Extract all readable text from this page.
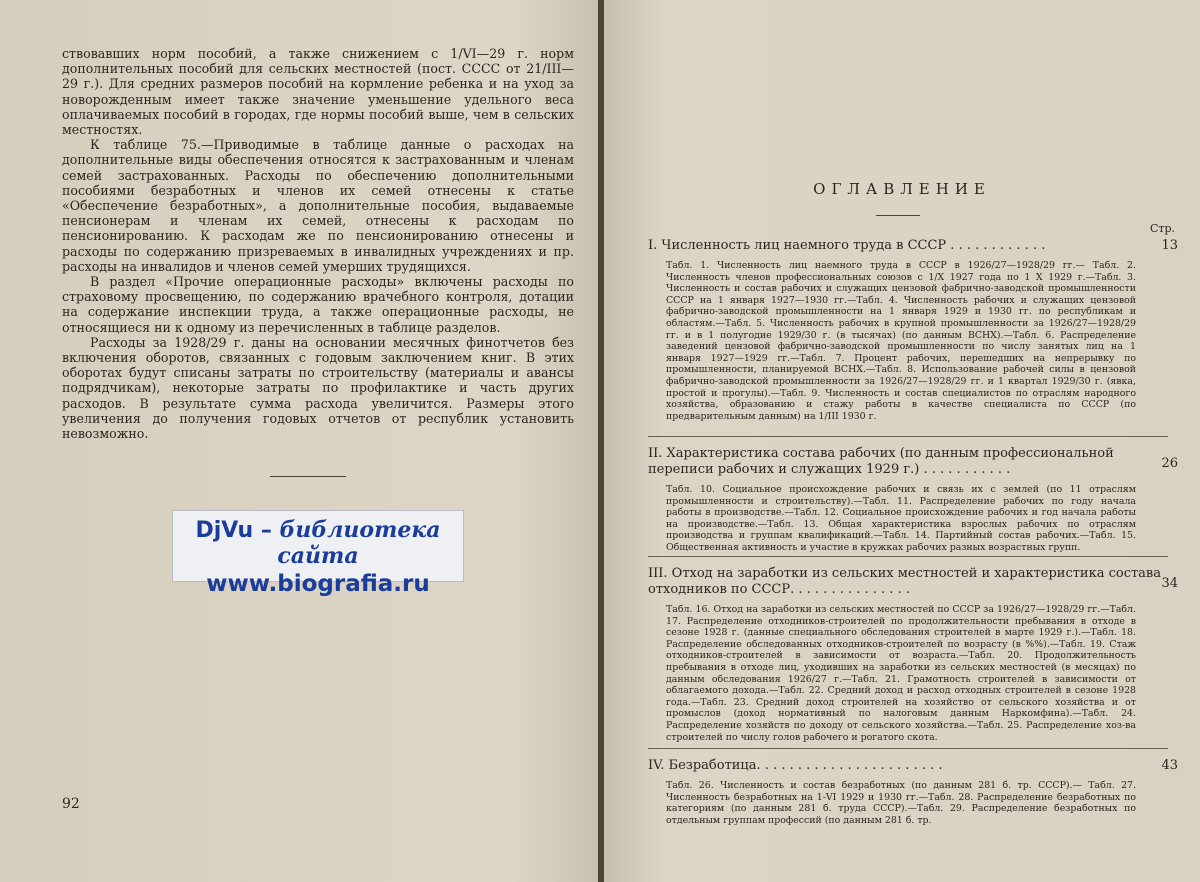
ствовавших норм пособий, а также снижением с 1/VI—29 г. норм дополнительных пособий для сельских местностей (пост. СССС от 21/III—29 г.). Для средних размеров пособий на кормление ребенка и на уход за новорожденным имеет также значение уменьшение удельного веса оплачиваемых пособий в городах, где нормы пособий выше, чем в сельских местностях.

К таблице 75.—Приводимые в таблице данные о расходах на дополнительные виды обеспечения относятся к застрахованным и членам семей застрахованных. Расходы по обеспечению дополнительными пособиями безработных и членов их семей отнесены к статье «Обеспечение безработных», а дополнительные пособия, выдаваемые пенсионерам и членам их семей, отнесены к расходам по пенсионированию. К расходам же по пенсионированию отнесены и расходы по содержанию призреваемых в инвалидных учреждениях и пр. расходы на инвалидов и членов семей умерших трудящихся.

В раздел «Прочие операционные расходы» включены расходы по страховому просвещению, по содержанию врачебного контроля, дотации на содержание инспекции труда, а также операционные расходы, не относящиеся ни к одному из перечисленных в таблице разделов.

Расходы за 1928/29 г. даны на основании месячных финотчетов без включения оборотов, связанных с годовым заключением книг. В этих оборотах будут списаны затраты по строительству (материалы и авансы подрядчикам), некоторые затраты по профилактике и часть других расходов. В результате сумма расхода увеличится. Размеры этого увеличения до получения годовых отчетов от республик установить невозможно.

DjVu – библиотека сайта
www.biografia.ru
92
ОГЛАВЛЕНИЕ
Стр.
I. Численность лиц наемного труда в СССР . . . . . . . . . . . .	13
Табл. 1. Численность лиц наемного труда в СССР в 1926/27—1928/29 гг.— Табл. 2. Численность членов профессиональных союзов с 1/X 1927 года по 1 X 1929 г.—Табл. 3. Численность и состав рабочих и служащих цензовой фабрично-заводской промышленности СССР на 1 января 1927—1930 гг.—Табл. 4. Численность рабочих и служащих цензовой фабрично-заводской промышленности на 1 января 1929 и 1930 гг. по республикам и областям.—Табл. 5. Численность рабочих в крупной промышленности за 1926/27—1928/29 гг. и в 1 полугодие 1929/30 г. (в тысячах) (по данным ВСНХ).—Табл. 6. Распределение заведений цензовой фабрично-заводской промышленности по числу занятых лиц на 1 января 1927—1929 гг.—Табл. 7. Процент рабочих, перешедших на непрерывку по промышленности, планируемой ВСНХ.—Табл. 8. Использование рабочей силы в цензовой фабрично-заводской промышленности за 1926/27—1928/29 гг. и 1 квартал 1929/30 г. (явка, простой и прогулы).—Табл. 9. Численность и состав специалистов по отраслям народного хозяйства, образованию и стажу работы в качестве специалиста по СССР (по предварительным данным) на 1/III 1930 г.
II. Характеристика состава рабочих (по данным профессиональной переписи рабочих и служащих 1929 г.) . . . . . . . . . . .	26
Табл. 10. Социальное происхождение рабочих и связь их с землей (по 11 отраслям промышленности и строительству).—Табл. 11. Распределение рабочих по году начала работы в производстве.—Табл. 12. Социальное происхождение рабочих и год начала работы на производстве.—Табл. 13. Общая характеристика взрослых рабочих по отраслям производства и группам квалификаций.—Табл. 14. Партийный состав рабочих.—Табл. 15. Общественная активность и участие в кружках рабочих разных возрастных групп.
III. Отход на заработки из сельских местностей и характеристика состава отходников по СССР. . . . . . . . . . . . . . .	34
Табл. 16. Отход на заработки из сельских местностей по СССР за 1926/27—1928/29 гг.—Табл. 17. Распределение отходников-строителей по продолжительности пребывания в отходе в сезоне 1928 г. (данные специального обследования строителей в марте 1929 г.).—Табл. 18. Распределение обследованных отходников-строителей по возрасту (в %%).—Табл. 19. Стаж отходников-строителей в зависимости от возраста.—Табл. 20. Продолжительность пребывания в отходе лиц, уходивших на заработки из сельских местностей (в месяцах) по данным обследования 1926/27 г.—Табл. 21. Грамотность строителей в зависимости от облагаемого дохода.—Табл. 22. Средний доход и расход отходных строителей в сезоне 1928 года.—Табл. 23. Средний доход строителей на хозяйство от сельского хозяйства и от промыслов (доход нормативный по налоговым данным Наркомфина).—Табл. 24. Распределение хозяйств по доходу от сельского хозяйства.—Табл. 25. Распределение хоз-ва строителей по числу голов рабочего и рогатого скота.
IV. Безработица. . . . . . . . . . . . . . . . . . . . . . .	43
Табл. 26. Численность и состав безработных (по данным 281 б. тр. СССР).— Табл. 27. Численность безработных на 1-VI 1929 и 1930 гг.—Табл. 28. Распределение безработных по категориям (по данным 281 б. труда СССР).—Табл. 29. Распределение безработных по отдельным группам профессий (по данным 281 б. тр.
